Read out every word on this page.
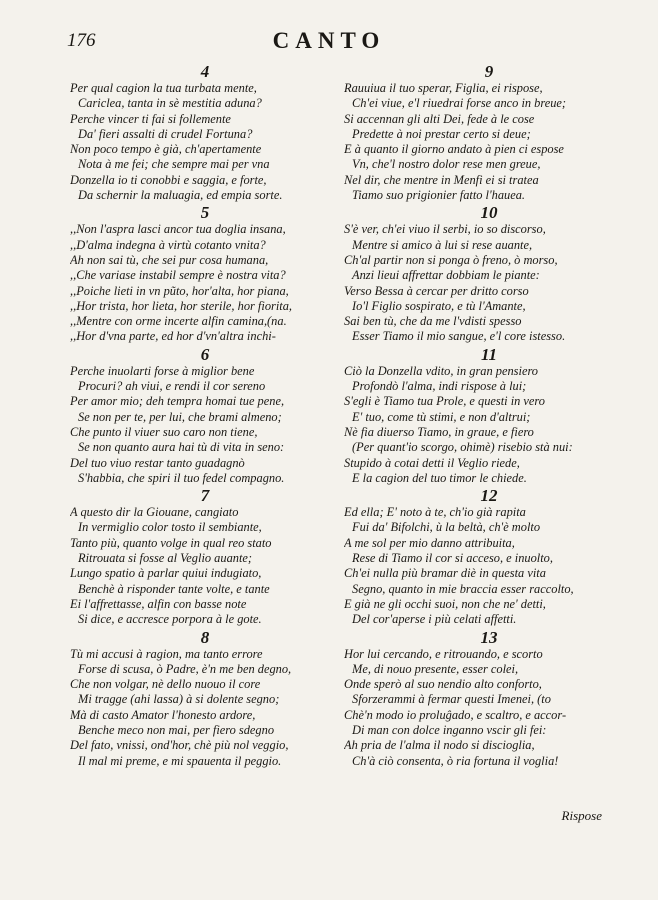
176	CANTO
4
Per qual cagion la tua turbata mente,
Cariclea, tanta in sè mestitia aduna?
Perche vincer ti fai si follemente
Da' fieri assalti di crudel Fortuna?
Non poco tempo è già, ch'apertamente
Nota à me fei; che sempre mai per vna
Donzella io ti conobbi e saggia, e forte,
Da schernir la maluagia, ed empia sorte.
5
,,Non l'aspra lasci ancor tua doglia insana,
,,D'alma indegna à virtù cotanto vnita?
Ah non sai tù, che sei pur cosa humana,
,,Che variase instabil sempre è nostra vita?
,,Poiche lieti in vn pũto, hor'alta, hor piana,
,,Hor trista, hor lieta, hor sterile, hor fiorita,
,,Mentre con orme incerte alfin camina,(na.
,,Hor d'vna parte, ed hor d'vn'altra inchi-
6
Perche inuolarti forse à miglior bene
Procuri? ah viui, e rendi il cor sereno
Per amor mio; deh tempra homai tue pene,
Se non per te, per lui, che brami almeno;
Che punto il viuer suo caro non tiene,
Se non quanto aura hai tù di vita in seno:
Del tuo viuo restar tanto guadagnò
S'habbia, che spiri il tuo fedel compagno.
7
A questo dir la Giouane, cangiato
In vermiglio color tosto il sembiante,
Tanto più, quanto volge in qual reo stato
Ritrouata si fosse al Veglio auante;
Lungo spatio à parlar quiui indugiato,
Benchè à risponder tante volte, e tante
Ei l'affrettasse, alfin con basse note
Si dice, e accresce porpora à le gote.
8
Tù mi accusi à ragion, ma tanto errore
Forse di scusa, ò Padre, è'n me ben degno,
Che non volgar, nè dello nuouo il core
Mi tragge (ahi lassa) à si dolente segno;
Mà di casto Amator l'honesto ardore,
Benche meco non mai, per fiero sdegno
Del fato, vnissi, ond'hor, chè più nol veggio,
Il mal mi preme, e mi spauenta il peggio.
9
Rauuiua il tuo sperar, Figlia, ei rispose,
Ch'ei viue, e'l riuedrai forse anco in breue;
Si accennan gli alti Dei, fede à le cose
Predette à noi prestar certo si deue;
E à quanto il giorno andato à pien ci espose
Vn, che'l nostro dolor rese men greue,
Nel dir, che mentre in Menfi ei si tratea
Tiamo suo prigionier fatto l'hauea.
10
S'è ver, ch'ei viuo il serbi, io so discorso,
Mentre si amico à lui si rese auante,
Ch'al partir non si ponga ò freno, ò morso,
Anzi lieui affrettar dobbiam le piante:
Verso Bessa à cercar per dritto corso
Io'l Figlio sospirato, e tù l'Amante,
Sai ben tù, che da me l'vdisti spesso
Esser Tiamo il mio sangue, e'l core istesso.
11
Ciò la Donzella vdito, in gran pensiero
Profondò l'alma, indi rispose à lui;
S'egli è Tiamo tua Prole, e questi in vero
E' tuo, come tù stimi, e non d'altrui;
Nè fia diuerso Tiamo, in graue, e fiero
(Per quant'io scorgo, ohimè) risebio stà nui:
Stupido à cotai detti il Veglio riede,
E la cagion del tuo timor le chiede.
12
Ed ella; E' noto à te, ch'io già rapita
Fui da' Bifolchi, ù la beltà, ch'è molto
A me sol per mio danno attribuita,
Rese di Tiamo il cor si acceso, e inuolto,
Ch'ei nulla più bramar diè in questa vita
Segno, quanto in mie braccia esser raccolto,
E già ne gli occhi suoi, non che ne' detti,
Del cor'aperse i più celati affetti.
13
Hor lui cercando, e ritrouando, e scorto
Me, di nouo presente, esser colei,
Onde sperò al suo nendio alto conforto,
Sforzerammi à fermar questi Imenei, (to
Chè'n modo io proluĝado, e scaltro, e accor-
Di man con dolce inganno vscir gli fei:
Ah pria de l'alma il nodo si discioglia,
Ch'à ciò consenta, ò ria fortuna il voglia!
Rispose
